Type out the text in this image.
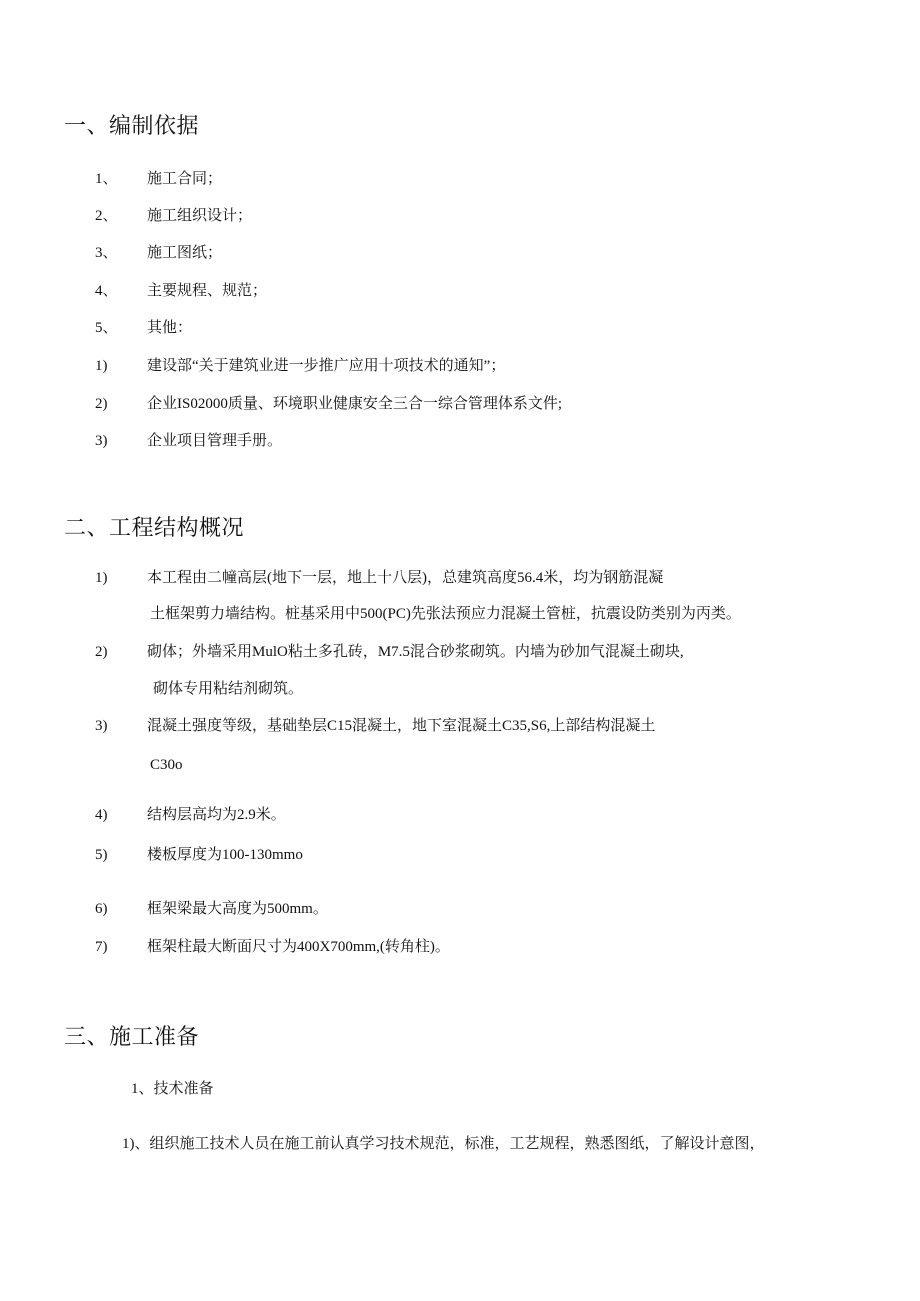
一、编制依据
1、 施工合同；
2、 施工组织设计；
3、 施工图纸；
4、 主要规程、规范；
5、 其他：
1)	建设部“关于建筑业进一步推广应用十项技术的通知”；
2)	企业IS02000质量、环境职业健康安全三合一综合管理体系文件;
3)	企业项目管理手册。
二、工程结构概况
1)	本工程由二幢高层(地下一层，地上十八层)，总建筑高度56.4米，均为钢筋混凝
土框架剪力墙结构。桩基采用中500(PC)先张法预应力混凝土管桩，抗震设防类别为丙类。
2)	砌体；外墙采用MulO粘土多孔砖，M7.5混合砂浆砌筑。内墙为砂加气混凝土砌块,
砌体专用粘结剂砌筑。
3)	混凝土强度等级，基础垫层C15混凝土，地下室混凝土C35,S6,上部结构混凝土
C30o
4)	结构层高均为2.9米。
5)	楼板厚度为100-130mmo
6)	框架梁最大高度为500mm。
7)	框架柱最大断面尺寸为400X700mm,(转角柱)。
三、施工准备
1、技术准备
1)、组织施工技术人员在施工前认真学习技术规范，标准，工艺规程，熟悉图纸，了解设计意图，
